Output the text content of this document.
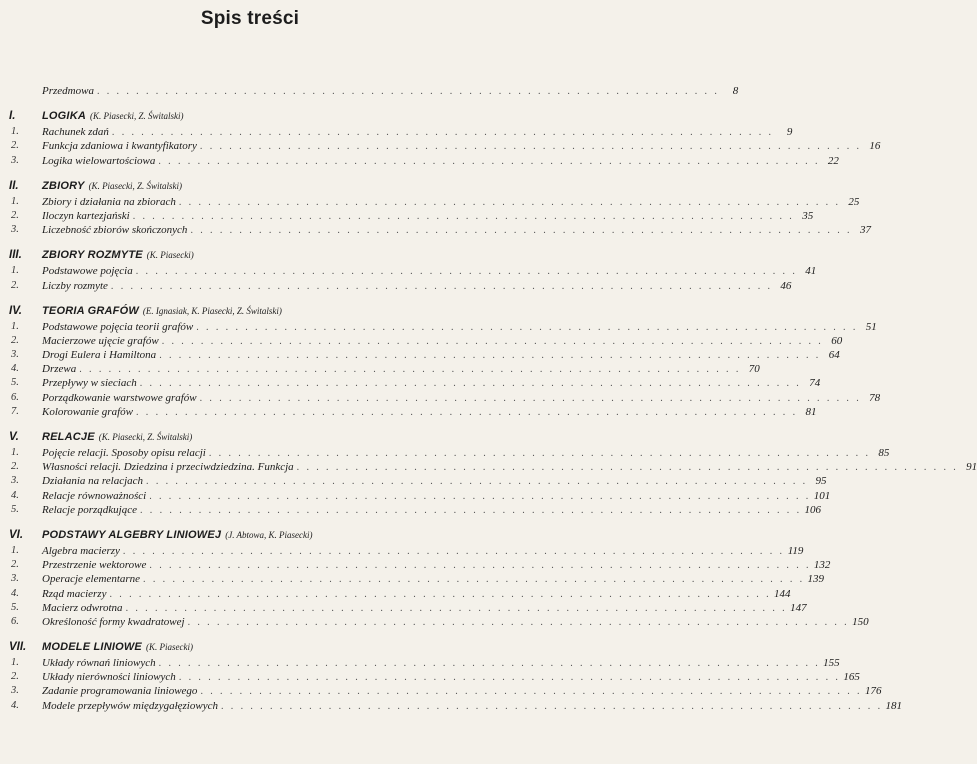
Spis treści
Przedmowa . . . . . . . . . . . . . . . . . . . . . . . . . . . . . . . . . . . . . . . . . . . . . . . . . . . . . . . . . . . . . . . .	8
I. LOGIKA (K. Piasecki, Z. Świtalski)
1. Rachunek zdań . . . . . . . . . . . . . . . . . . . . . . . . . . . . . . . . . . . . . . . . . . . . . . . . . . . . . . . . . . . . . . . . . . . .	9
2. Funkcja zdaniowa i kwantyfikatory . . . . . . . . . . . . . . . . . . . . . . . . . . . . . . . . . . . . . . . . . . . . . . . . . . . . . . . . . . . . . . . . . . . . 16
3. Logika wielowartościowa . . . . . . . . . . . . . . . . . . . . . . . . . . . . . . . . . . . . . . . . . . . . . . . . . . . . . . . . . . . . . . . . . . . . 22
II. ZBIORY (K. Piasecki, Z. Świtalski)
1. Zbiory i działania na zbiorach . . . . . . . . . . . . . . . . . . . . . . . . . . . . . . . . . . . . . . . . . . . . . . . . . . . . . . . . . . . . . . . . . . . . 25
2. Iloczyn kartezjański . . . . . . . . . . . . . . . . . . . . . . . . . . . . . . . . . . . . . . . . . . . . . . . . . . . . . . . . . . . . . . . . . . . . 35
3. Liczebność zbiorów skończonych . . . . . . . . . . . . . . . . . . . . . . . . . . . . . . . . . . . . . . . . . . . . . . . . . . . . . . . . . . . . . . . . . . . . 37
III. ZBIORY ROZMYTE (K. Piasecki)
1. Podstawowe pojęcia . . . . . . . . . . . . . . . . . . . . . . . . . . . . . . . . . . . . . . . . . . . . . . . . . . . . . . . . . . . . . . . . . . . . 41
2. Liczby rozmyte . . . . . . . . . . . . . . . . . . . . . . . . . . . . . . . . . . . . . . . . . . . . . . . . . . . . . . . . . . . . . . . . . . . . 46
IV. TEORIA GRAFÓW (E. Ignasiak, K. Piasecki, Z. Świtalski)
1. Podstawowe pojęcia teorii grafów . . . . . . . . . . . . . . . . . . . . . . . . . . . . . . . . . . . . . . . . . . . . . . . . . . . . . . . . . . . . . . . . . . . . 51
2. Macierzowe ujęcie grafów . . . . . . . . . . . . . . . . . . . . . . . . . . . . . . . . . . . . . . . . . . . . . . . . . . . . . . . . . . . . . . . . . . . . 60
3. Drogi Eulera i Hamiltona . . . . . . . . . . . . . . . . . . . . . . . . . . . . . . . . . . . . . . . . . . . . . . . . . . . . . . . . . . . . . . . . . . . . 64
4. Drzewa . . . . . . . . . . . . . . . . . . . . . . . . . . . . . . . . . . . . . . . . . . . . . . . . . . . . . . . . . . . . . . . . . . . . 70
5. Przepływy w sieciach . . . . . . . . . . . . . . . . . . . . . . . . . . . . . . . . . . . . . . . . . . . . . . . . . . . . . . . . . . . . . . . . . . . . 74
6. Porządkowanie warstwowe grafów . . . . . . . . . . . . . . . . . . . . . . . . . . . . . . . . . . . . . . . . . . . . . . . . . . . . . . . . . . . . . . . . . . . . 78
7. Kolorowanie grafów . . . . . . . . . . . . . . . . . . . . . . . . . . . . . . . . . . . . . . . . . . . . . . . . . . . . . . . . . . . . . . . . . . . . 81
V. RELACJE (K. Piasecki, Z. Świtalski)
1. Pojęcie relacji. Sposoby opisu relacji . . . . . . . . . . . . . . . . . . . . . . . . . . . . . . . . . . . . . . . . . . . . . . . . . . . . . . . . . . . . . . . . . . . . 85
2. Własności relacji. Dziedzina i przeciwdziedzina. Funkcja . . . . . . . . . . . . . . . . . . . . . . . . . . . . . . . . . . . . . . . . . . . . . . . . . . . . . . . . . . . . . . . . . . . . 91
3. Działania na relacjach . . . . . . . . . . . . . . . . . . . . . . . . . . . . . . . . . . . . . . . . . . . . . . . . . . . . . . . . . . . . . . . . . . . . 95
4. Relacje równoważności . . . . . . . . . . . . . . . . . . . . . . . . . . . . . . . . . . . . . . . . . . . . . . . . . . . . . . . . . . . . . . . . . . . . 101
5. Relacje porządkujące . . . . . . . . . . . . . . . . . . . . . . . . . . . . . . . . . . . . . . . . . . . . . . . . . . . . . . . . . . . . . . . . . . . . 106
VI. PODSTAWY ALGEBRY LINIOWEJ (J. Abtowa, K. Piasecki)
1. Algebra macierzy . . . . . . . . . . . . . . . . . . . . . . . . . . . . . . . . . . . . . . . . . . . . . . . . . . . . . . . . . . . . . . . . . . . . 119
2. Przestrzenie wektorowe . . . . . . . . . . . . . . . . . . . . . . . . . . . . . . . . . . . . . . . . . . . . . . . . . . . . . . . . . . . . . . . . . . . . 132
3. Operacje elementarne . . . . . . . . . . . . . . . . . . . . . . . . . . . . . . . . . . . . . . . . . . . . . . . . . . . . . . . . . . . . . . . . . . . . 139
4. Rząd macierzy . . . . . . . . . . . . . . . . . . . . . . . . . . . . . . . . . . . . . . . . . . . . . . . . . . . . . . . . . . . . . . . . . . . . 144
5. Macierz odwrotna . . . . . . . . . . . . . . . . . . . . . . . . . . . . . . . . . . . . . . . . . . . . . . . . . . . . . . . . . . . . . . . . . . . . 147
6. Określoność formy kwadratowej . . . . . . . . . . . . . . . . . . . . . . . . . . . . . . . . . . . . . . . . . . . . . . . . . . . . . . . . . . . . . . . . . . . . 150
VII. MODELE LINIOWE (K. Piasecki)
1. Układy równań liniowych . . . . . . . . . . . . . . . . . . . . . . . . . . . . . . . . . . . . . . . . . . . . . . . . . . . . . . . . . . . . . . . . . . . . 155
2. Układy nierówności liniowych . . . . . . . . . . . . . . . . . . . . . . . . . . . . . . . . . . . . . . . . . . . . . . . . . . . . . . . . . . . . . . . . . . . . 165
3. Zadanie programowania liniowego . . . . . . . . . . . . . . . . . . . . . . . . . . . . . . . . . . . . . . . . . . . . . . . . . . . . . . . . . . . . . . . . . . . . 176
4. Modele przepływów międzygałęziowych . . . . . . . . . . . . . . . . . . . . . . . . . . . . . . . . . . . . . . . . . . . . . . . . . . . . . . . . . . . . . . . . . . . . 181
